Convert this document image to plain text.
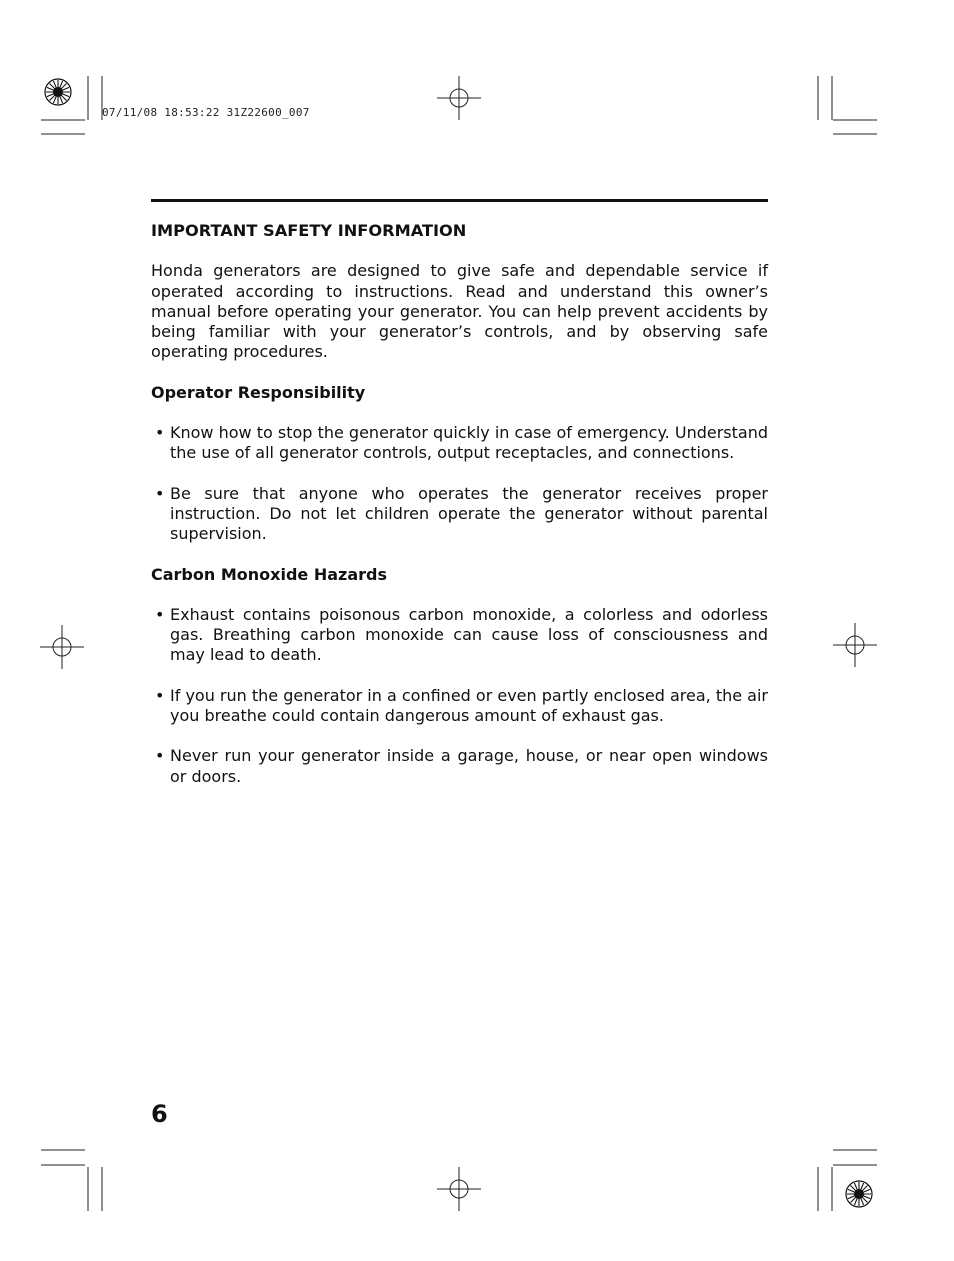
07/11/08 18:53:22 31Z22600_007
IMPORTANT SAFETY INFORMATION
Honda generators are designed to give safe and dependable service if operated according to instructions. Read and understand this owner’s manual before operating your generator. You can help prevent accidents by being familiar with your generator’s controls, and by observing safe operating procedures.
Operator Responsibility
• Know how to stop the generator quickly in case of emergency. Understand the use of all generator controls, output receptacles, and connections.
• Be sure that anyone who operates the generator receives proper instruction. Do not let children operate the generator without parental supervision.
Carbon Monoxide Hazards
• Exhaust contains poisonous carbon monoxide, a colorless and odorless gas. Breathing carbon monoxide can cause loss of consciousness and may lead to death.
• If you run the generator in a confined or even partly enclosed area, the air you breathe could contain dangerous amount of exhaust gas.
• Never run your generator inside a garage, house, or near open windows or doors.
6
